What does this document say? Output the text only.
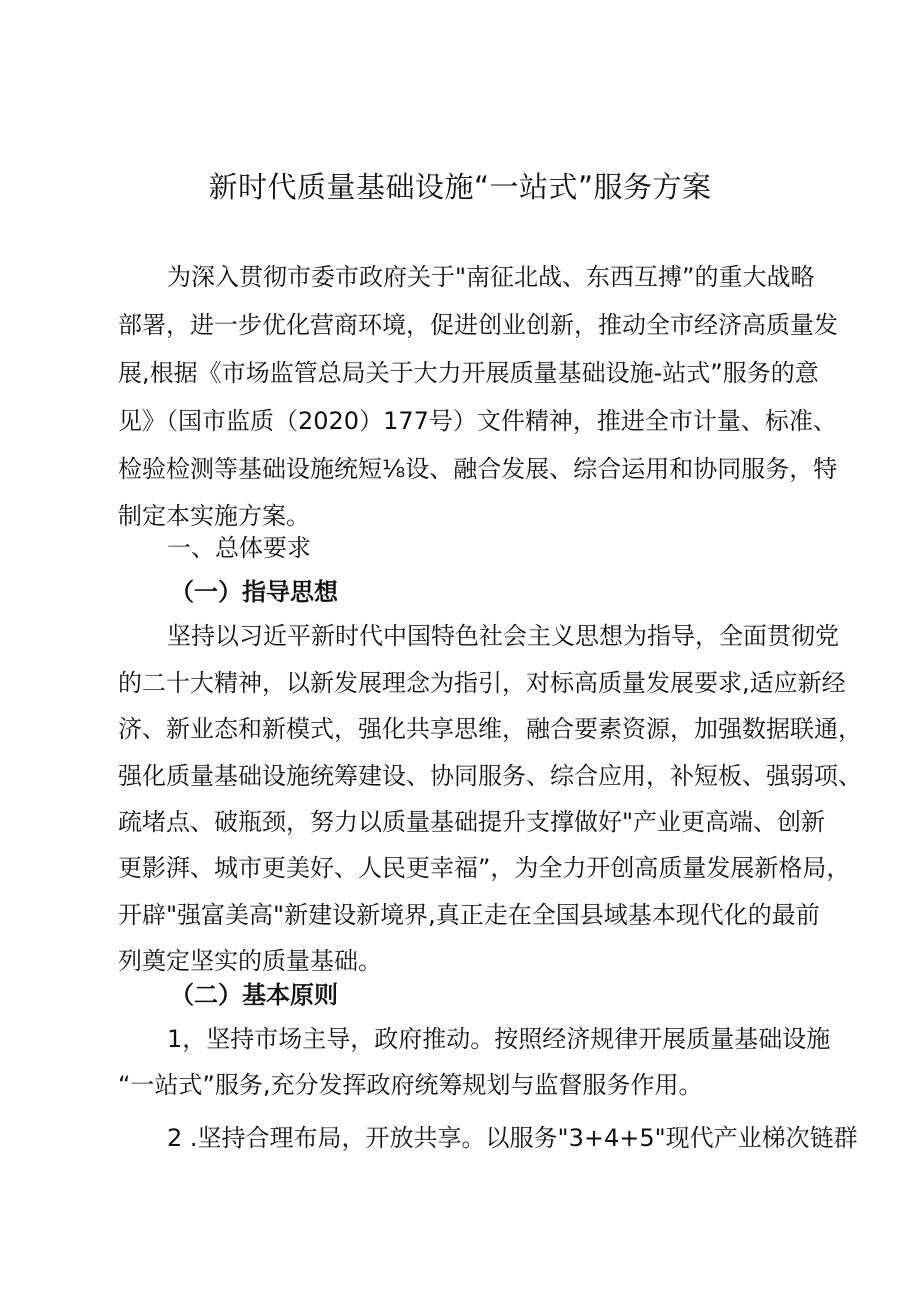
新时代质量基础设施“一站式”服务方案
为深入贯彻市委市政府关于"南征北战、东西互搏”的重大战略
部署，进一步优化营商环境，促进创业创新，推动全市经济高质量发
展,根据《市场监管总局关于大力开展质量基础设施-站式”服务的意
见》（国市监质（2020）177号）文件精神，推进全市计量、标准、
检验检测等基础设施统短⅛设、融合发展、综合运用和协同服务，特
制定本实施方案。
一、总体要求
（一）指导思想
坚持以习近平新时代中国特色社会主义思想为指导，全面贯彻党
的二十大精神，以新发展理念为指引，对标高质量发展要求,适应新经
济、新业态和新模式，强化共享思维，融合要素资源，加强数据联通，
强化质量基础设施统筹建设、协同服务、综合应用，补短板、强弱项、
疏堵点、破瓶颈，努力以质量基础提升支撑做好"产业更高端、创新
更影湃、城市更美好、人民更幸福”，为全力开创高质量发展新格局，
开辟"强富美高"新建设新境界,真正走在全国县域基本现代化的最前
列奠定坚实的质量基础。
（二）基本原则
1，坚持市场主导，政府推动。按照经济规律开展质量基础设施
“一站式”服务,充分发挥政府统筹规划与监督服务作用。
2 .坚持合理布局，开放共享。以服务"3+4+5"现代产业梯次链群
